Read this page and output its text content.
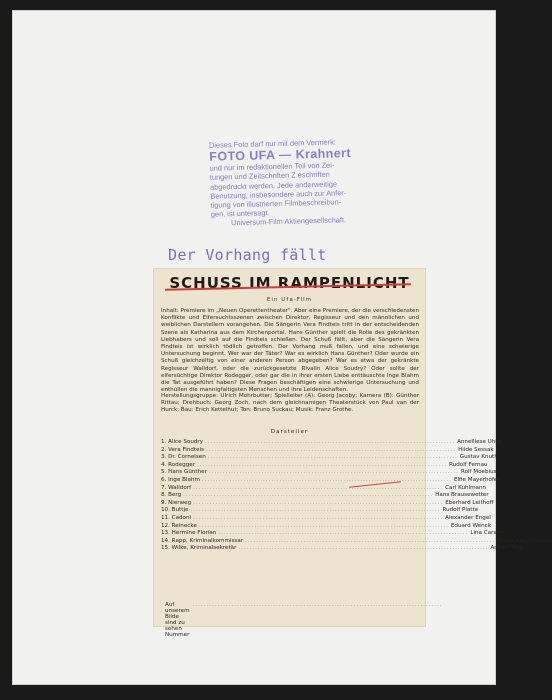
Dieses Foto darf nur mit dem Vermerk:
FOTO UFA — Krahnert
und nur im redaktionellen Teil von Zei-
tungen und Zeitschriften Z eschriften
abgedruckt werden. Jede anderweitige
Benutzung, insbesondere auch zur Anfer-
tigung von illustrierten Filmbeschreibun-
gen, ist untersagt.
Universum-Film Aktiengesellschaft.
Der Vorhang fällt
SCHUSS IM RAMPENLICHT
Ein Ufa-Film
Inhalt: Premiere im „Neuen Operettentheater". Aber eine Premiere, der die verschiedensten Konflikte und Eifersuchtsszenen zwischen Direktor, Regisseur und den männlichen und weiblichen Darstellern vorangehen. Die Sängerin Vera Findteis tritt in der entscheidenden Szene als Katharina aus dem Kirchenportal. Hans Günther spielt die Rolle des gekränkten Liebhabers und soll auf die Findteis schießen. Der Schuß fällt, aber die Sängerin Vera Findteis ist wirklich tödlich getroffen. Der Vorhang muß fallen, und eine schwierige Untersuchung beginnt. Wer war der Täter? War es wirklich Hans Günther? Oder wurde ein Schuß gleichzeitig von einer anderen Person abgegeben? War es etwa der gekränkte Regisseur Walldorf, oder die zurückgesetzte Rivalin Alice Soudry? Oder sollte der eifersüchtige Direktor Rodegger, oder gar die in ihrer ersten Liebe enttäuschte Inge Blahm die Tat ausgeführt haben? Diese Fragen beschäftigen eine schwierige Untersuchung und enthüllen die mannigfaltigsten Menschen und ihre Leidenschaften.
Herstellungsgruppe: Ulrich Mohrbutter; Spielleiter (A): Georg Jacoby; Kamera (B): Günther Rittau; Drehbuch: Georg Zoch, nach dem gleichnamigen Theaterstück von Paul van der Hurck; Bau: Erich Kettelhut; Ton: Bruno Suckau; Musik: Franz Grothe.
Darsteller
1. Alice Soudry .......................................................................................... Annelliese Uhlig
2. Vera Findteis .......................................................................................... Hilde Sessak
3. Dr. Cornelsen .......................................................................................... Gustav Knuth
4. Rodegger .......................................................................................... Rudolf Fernau
5. Hans Günther .......................................................................................... Rolf Moebius
6. Inge Blahm .......................................................................................... Elfie Mayerhofer
7. Walldorf .......................................................................................... Carl Kuhlmann
8. Berg .......................................................................................... Hans Brausewetter
9. Nierweg .......................................................................................... Eberhard Leithoff
10. Buttje .......................................................................................... Rudolf Platte
11. Cadoni .......................................................................................... Alexander Engel
12. Reinecke .......................................................................................... Eduard Wenck
13. Hermine Florian .......................................................................................... Lina Carstens
14. Rapp, Kriminalkommissar .......................................................................................... Volker van Collande
15. Wilke, Kriminalsekretär .......................................................................................... Aribert Mog
Auf unserem Bilde sind zu sehen Nummer
..........................................................................................
